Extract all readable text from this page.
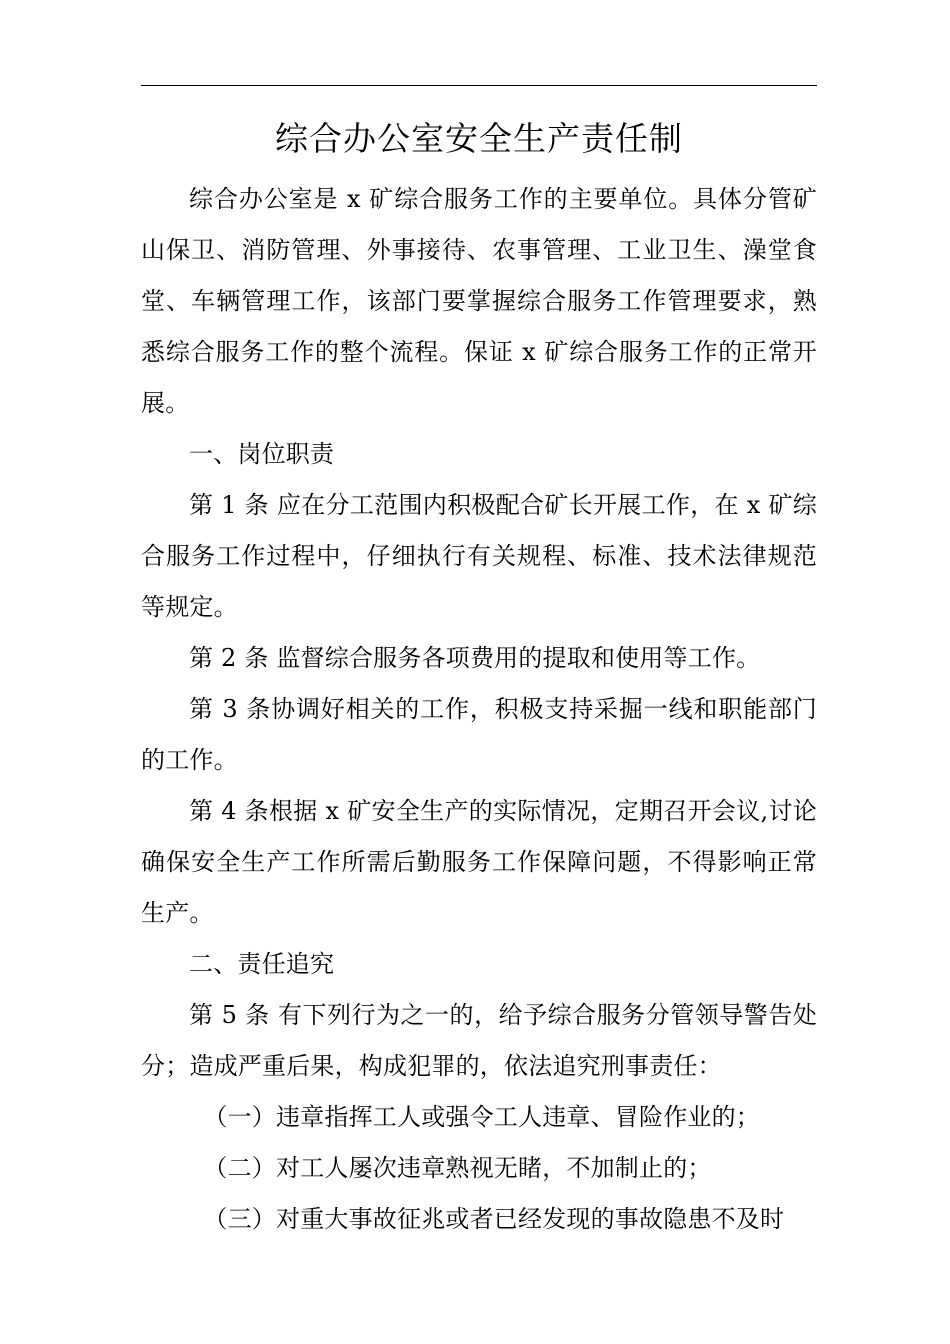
综合办公室安全生产责任制

综合办公室是 x 矿综合服务工作的主要单位。具体分管矿山保卫、消防管理、外事接待、农事管理、工业卫生、澡堂食堂、车辆管理工作，该部门要掌握综合服务工作管理要求，熟悉综合服务工作的整个流程。保证 x 矿综合服务工作的正常开展。

一、岗位职责

第 1 条 应在分工范围内积极配合矿长开展工作，在 x 矿综合服务工作过程中，仔细执行有关规程、标准、技术法律规范等规定。

第 2 条 监督综合服务各项费用的提取和使用等工作。

第 3 条协调好相关的工作，积极支持采掘一线和职能部门的工作。

第 4 条根据 x 矿安全生产的实际情况，定期召开会议,讨论确保安全生产工作所需后勤服务工作保障问题，不得影响正常生产。

二、责任追究

第 5 条 有下列行为之一的，给予综合服务分管领导警告处分；造成严重后果，构成犯罪的，依法追究刑事责任：

（一）违章指挥工人或强令工人违章、冒险作业的；

（二）对工人屡次违章熟视无睹，不加制止的；

（三）对重大事故征兆或者已经发现的事故隐患不及时
